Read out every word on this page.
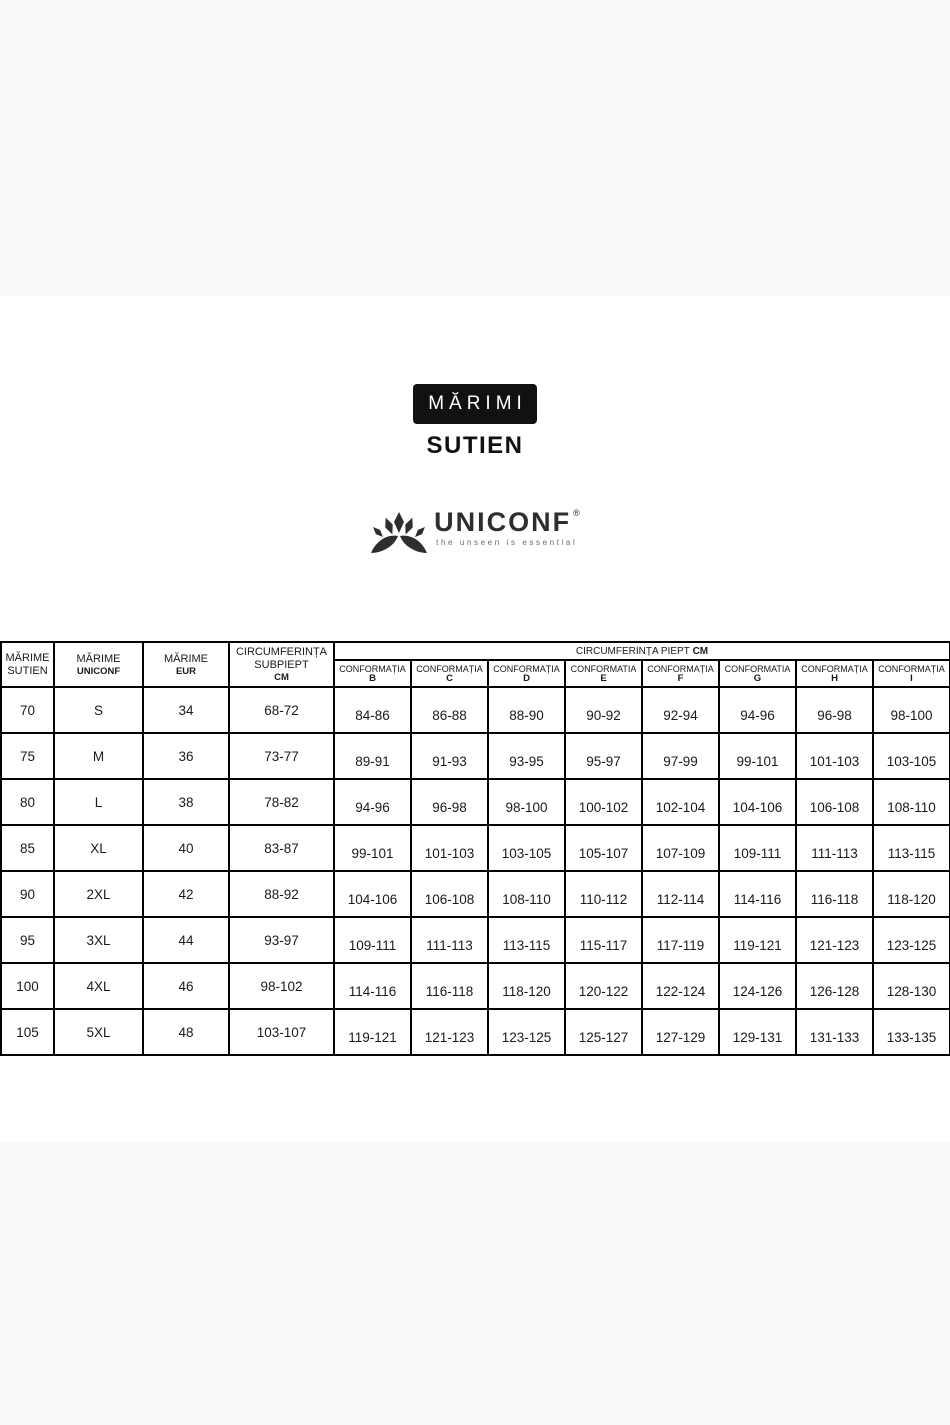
MĂRIMI
SUTIEN
UNICONF ®
the unseen is essential
MĂRIME
SUTIEN

MĂRIME
UNICONF

MĂRIME
EUR

CIRCUMFERINȚA
SUBPIEPT
CM
	CIRCUMFERINȚA PIEPT CM

CONFORMAȚIA
B

CONFORMAȚIA
C

CONFORMAȚIA
D

CONFORMATIA
E

CONFORMAȚIA
F

CONFORMATIA
G

CONFORMAȚIA
H

CONFORMAȚIA
I

70	S	34	68-72	84-86	86-88	88-90	90-92	92-94	94-96	96-98	98-100
75	M	36	73-77	89-91	91-93	93-95	95-97	97-99	99-101	101-103	103-105
80	L	38	78-82	94-96	96-98	98-100	100-102	102-104	104-106	106-108	108-110
85	XL	40	83-87	99-101	101-103	103-105	105-107	107-109	109-111	111-113	113-115
90	2XL	42	88-92	104-106	106-108	108-110	110-112	112-114	114-116	116-118	118-120
95	3XL	44	93-97	109-111	111-113	113-115	115-117	117-119	119-121	121-123	123-125
100	4XL	46	98-102	114-116	116-118	118-120	120-122	122-124	124-126	126-128	128-130
105	5XL	48	103-107	119-121	121-123	123-125	125-127	127-129	129-131	131-133	133-135
